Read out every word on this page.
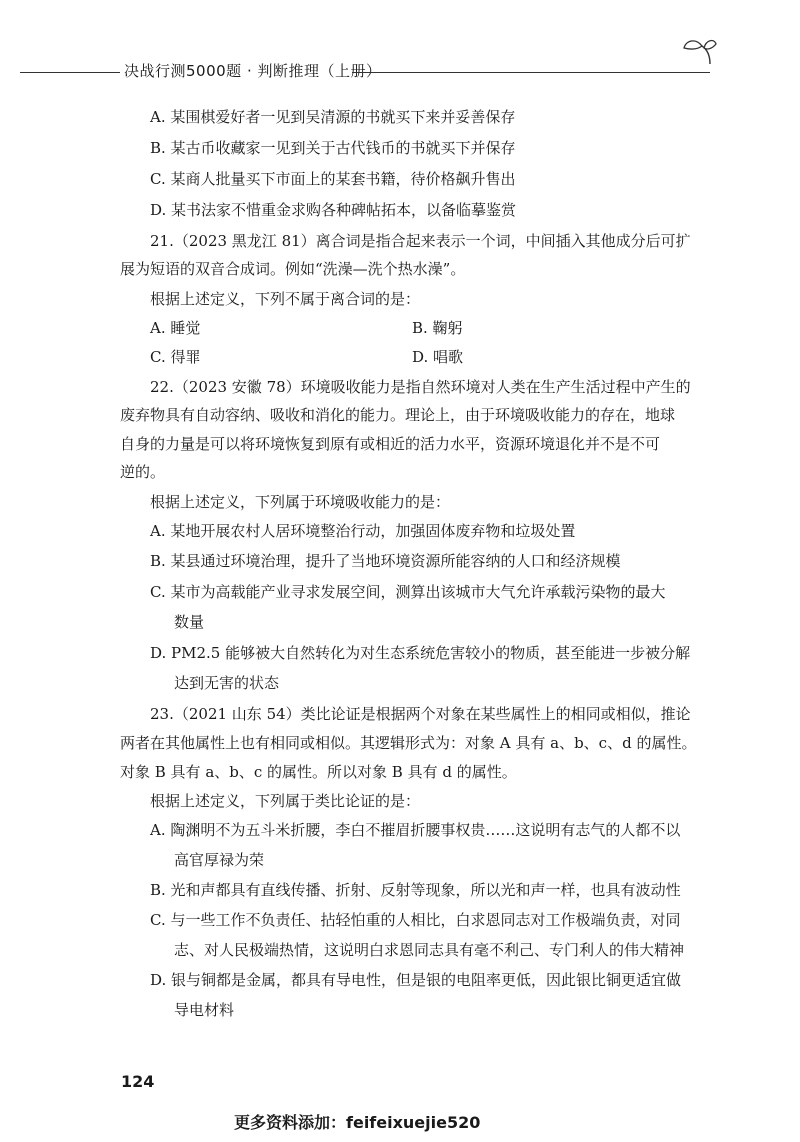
决战行测5000题 · 判断推理（上册）
A. 某围棋爱好者一见到吴清源的书就买下来并妥善保存
B. 某古币收藏家一见到关于古代钱币的书就买下并保存
C. 某商人批量买下市面上的某套书籍，待价格飙升售出
D. 某书法家不惜重金求购各种碑帖拓本，以备临摹鉴赏
21.（2023 黑龙江 81）离合词是指合起来表示一个词，中间插入其他成分后可扩
展为短语的双音合成词。例如“洗澡—洗个热水澡”。
根据上述定义，下列不属于离合词的是：
A. 睡觉	B. 鞠躬
C. 得罪	D. 唱歌
22.（2023 安徽 78）环境吸收能力是指自然环境对人类在生产生活过程中产生的
废弃物具有自动容纳、吸收和消化的能力。理论上，由于环境吸收能力的存在，地球
自身的力量是可以将环境恢复到原有或相近的活力水平，资源环境退化并不是不可
逆的。
根据上述定义，下列属于环境吸收能力的是：
A. 某地开展农村人居环境整治行动，加强固体废弃物和垃圾处置
B. 某县通过环境治理，提升了当地环境资源所能容纳的人口和经济规模
C. 某市为高载能产业寻求发展空间，测算出该城市大气允许承载污染物的最大
数量
D. PM2.5 能够被大自然转化为对生态系统危害较小的物质，甚至能进一步被分解
达到无害的状态
23.（2021 山东 54）类比论证是根据两个对象在某些属性上的相同或相似，推论
两者在其他属性上也有相同或相似。其逻辑形式为：对象 A 具有 a、b、c、d 的属性。
对象 B 具有 a、b、c 的属性。所以对象 B 具有 d 的属性。
根据上述定义，下列属于类比论证的是：
A. 陶渊明不为五斗米折腰，李白不摧眉折腰事权贵……这说明有志气的人都不以
高官厚禄为荣
B. 光和声都具有直线传播、折射、反射等现象，所以光和声一样，也具有波动性
C. 与一些工作不负责任、拈轻怕重的人相比，白求恩同志对工作极端负责，对同
志、对人民极端热情，这说明白求恩同志具有毫不利己、专门利人的伟大精神
D. 银与铜都是金属，都具有导电性，但是银的电阻率更低，因此银比铜更适宜做
导电材料
124
更多资料添加：feifeixuejie520
